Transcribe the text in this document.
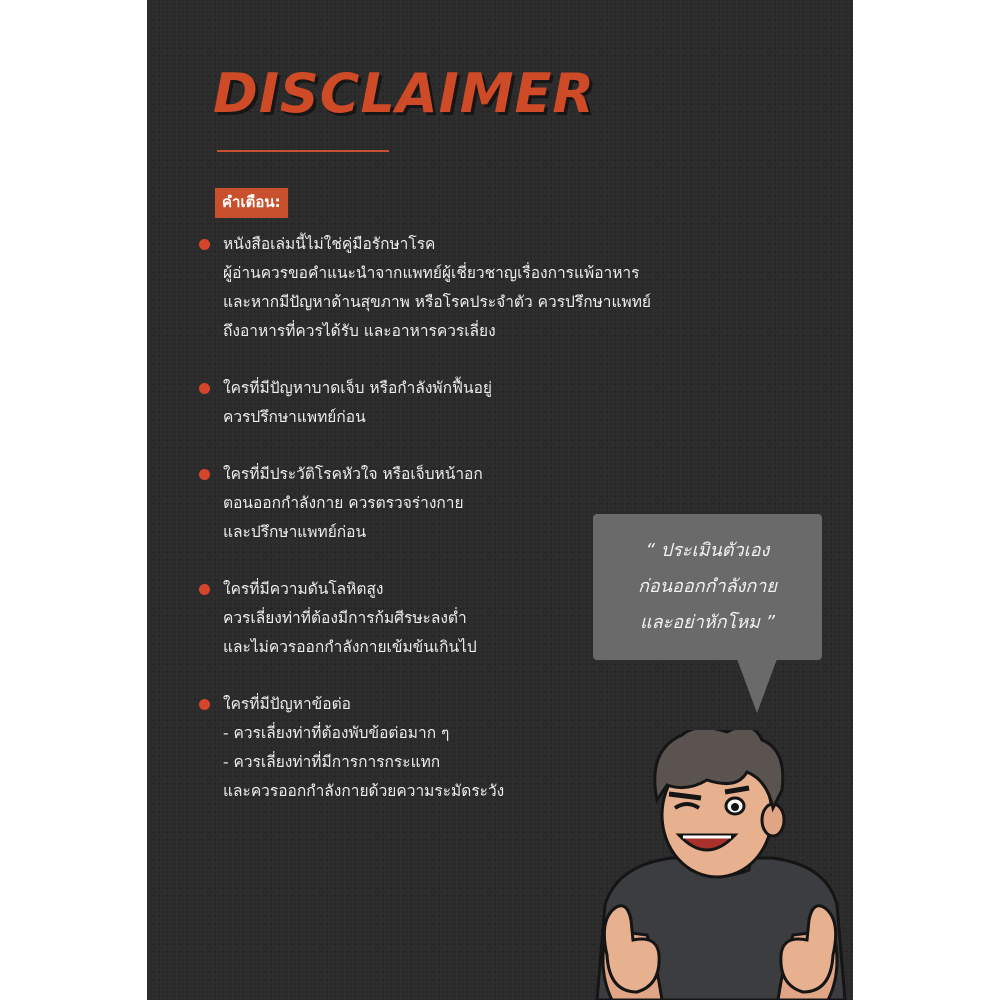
DISCLAIMER
คำเตือน:
หนังสือเล่มนี้ไม่ใช่คู่มือรักษาโรค
ผู้อ่านควรขอคำแนะนำจากแพทย์ผู้เชี่ยวชาญเรื่องการแพ้อาหาร
และหากมีปัญหาด้านสุขภาพ หรือโรคประจำตัว ควรปรึกษาแพทย์
ถึงอาหารที่ควรได้รับ และอาหารควรเลี่ยง
ใครที่มีปัญหาบาดเจ็บ หรือกำลังพักฟื้นอยู่
ควรปรึกษาแพทย์ก่อน
ใครที่มีประวัติโรคหัวใจ หรือเจ็บหน้าอก
ตอนออกกำลังกาย ควรตรวจร่างกาย
และปรึกษาแพทย์ก่อน
ใครที่มีความดันโลหิตสูง
ควรเลี่ยงท่าที่ต้องมีการก้มศีรษะลงต่ำ
และไม่ควรออกกำลังกายเข้มข้นเกินไป
ใครที่มีปัญหาข้อต่อ
- ควรเลี่ยงท่าที่ต้องพับข้อต่อมาก ๆ
- ควรเลี่ยงท่าที่มีการการกระแทก
และควรออกกำลังกายด้วยความระมัดระวัง
“ ประเมินตัวเอง
ก่อนออกกำลังกาย
และอย่าหักโหม ”
